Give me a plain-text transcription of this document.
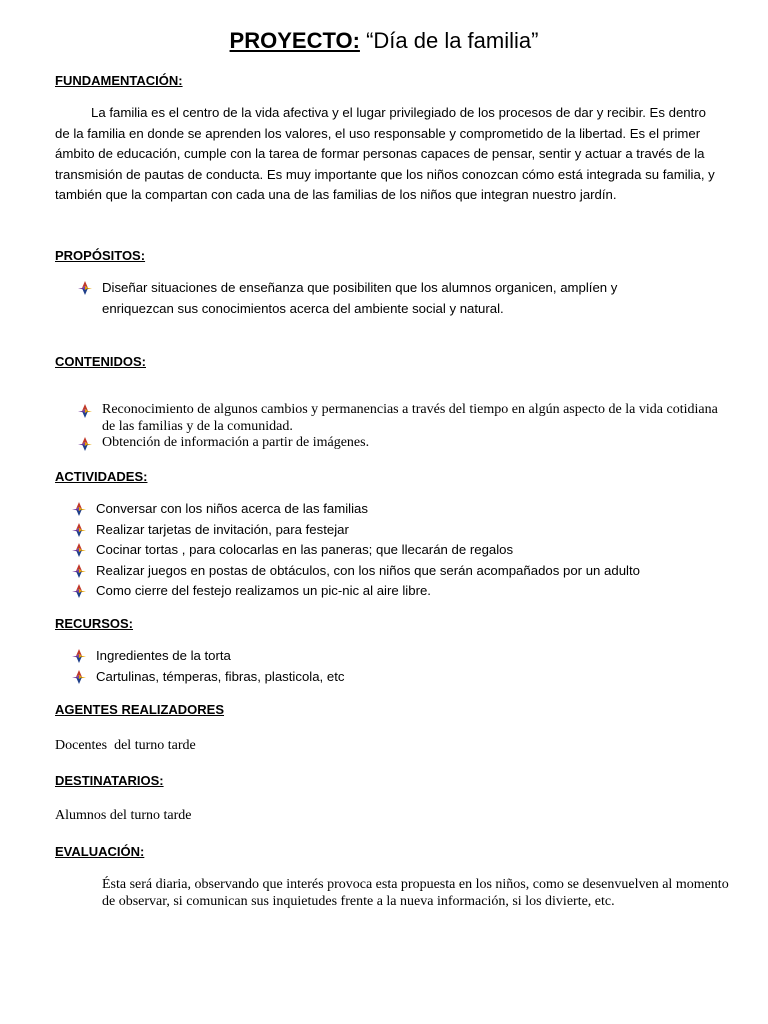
PROYECTO: “Día de la familia”
FUNDAMENTACIÓN:
La familia es el centro de la vida afectiva y el lugar privilegiado de los procesos de dar y recibir. Es dentro de la familia en donde se aprenden los valores, el uso responsable y comprometido de la libertad. Es el primer ámbito de educación, cumple con la tarea de formar personas capaces de pensar, sentir y actuar a través de la transmisión de pautas de conducta. Es muy importante que los niños conozcan cómo está integrada su familia, y también que la compartan con cada una de las familias de los niños que integran nuestro jardín.
PROPÓSITOS:
Diseñar situaciones de enseñanza que posibiliten que los alumnos organicen, amplíen y enriquezcan sus conocimientos acerca del ambiente social y natural.
CONTENIDOS:
Reconocimiento de algunos cambios y permanencias a través del tiempo en algún aspecto de la vida cotidiana de las familias y de la comunidad.
Obtención de información a partir de imágenes.
ACTIVIDADES:
Conversar con los niños acerca de las familias
Realizar tarjetas de invitación, para festejar
Cocinar tortas , para colocarlas en las paneras; que llecarán de regalos
Realizar juegos en postas de obtáculos, con los niños que serán acompañados por un adulto
Como cierre del festejo realizamos un pic-nic al aire libre.
RECURSOS:
Ingredientes de la torta
Cartulinas, témperas, fibras, plasticola, etc
AGENTES REALIZADORES
Docentes  del turno tarde
DESTINATARIOS:
Alumnos del turno tarde
EVALUACIÓN:
Ésta será diaria, observando que interés provoca esta propuesta en los niños, como se desenvuelven al momento de observar, si comunican sus inquietudes frente a la nueva información, si los divierte, etc.
